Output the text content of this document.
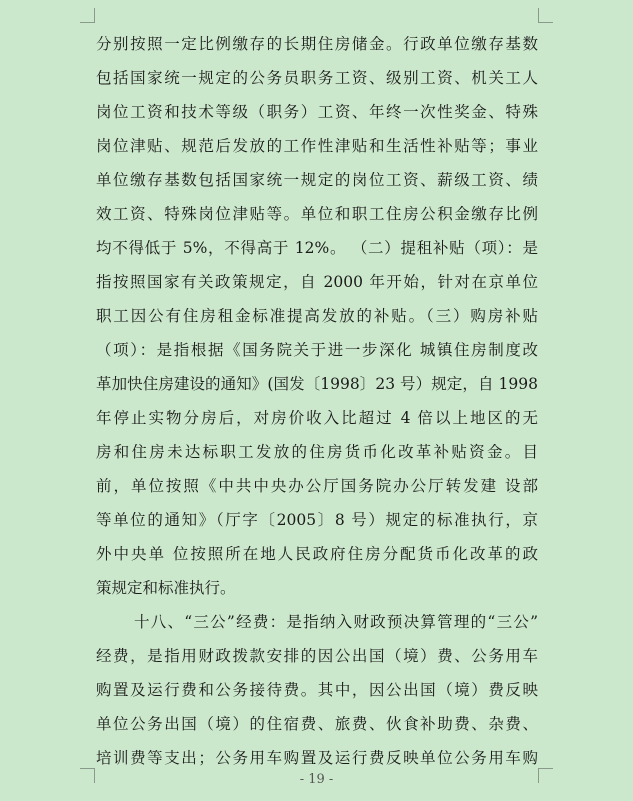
分别按照一定比例缴存的长期住房储金。行政单位缴存基数
包括国家统一规定的公务员职务工资、级别工资、机关工人
岗位工资和技术等级（职务）工资、年终一次性奖金、特殊
岗位津贴、规范后发放的工作性津贴和生活性补贴等；事业
单位缴存基数包括国家统一规定的岗位工资、薪级工资、绩
效工资、特殊岗位津贴等。单位和职工住房公积金缴存比例
均不得低于 5%，不得高于 12%。 （二）提租补贴（项）：是
指按照国家有关政策规定，自 2000 年开始，针对在京单位
职工因公有住房租金标准提高发放的补贴。（三）购房补贴
（项）：是指根据《国务院关于进一步深化 城镇住房制度改
革加快住房建设的通知》(国发〔1998〕23 号）规定，自 1998
年停止实物分房后，对房价收入比超过 4 倍以上地区的无
房和住房未达标职工发放的住房货币化改革补贴资金。目
前，单位按照《中共中央办公厅国务院办公厅转发建 设部
等单位的通知》（厅字〔2005〕8 号）规定的标准执行，京
外中央单 位按照所在地人民政府住房分配货币化改革的政
策规定和标准执行。
十八、“三公”经费：是指纳入财政预决算管理的“三公”
经费，是指用财政拨款安排的因公出国（境）费、公务用车
购置及运行费和公务接待费。其中，因公出国（境）费反映
单位公务出国（境）的住宿费、旅费、伙食补助费、杂费、
培训费等支出；公务用车购置及运行费反映单位公务用车购
- 19 -
